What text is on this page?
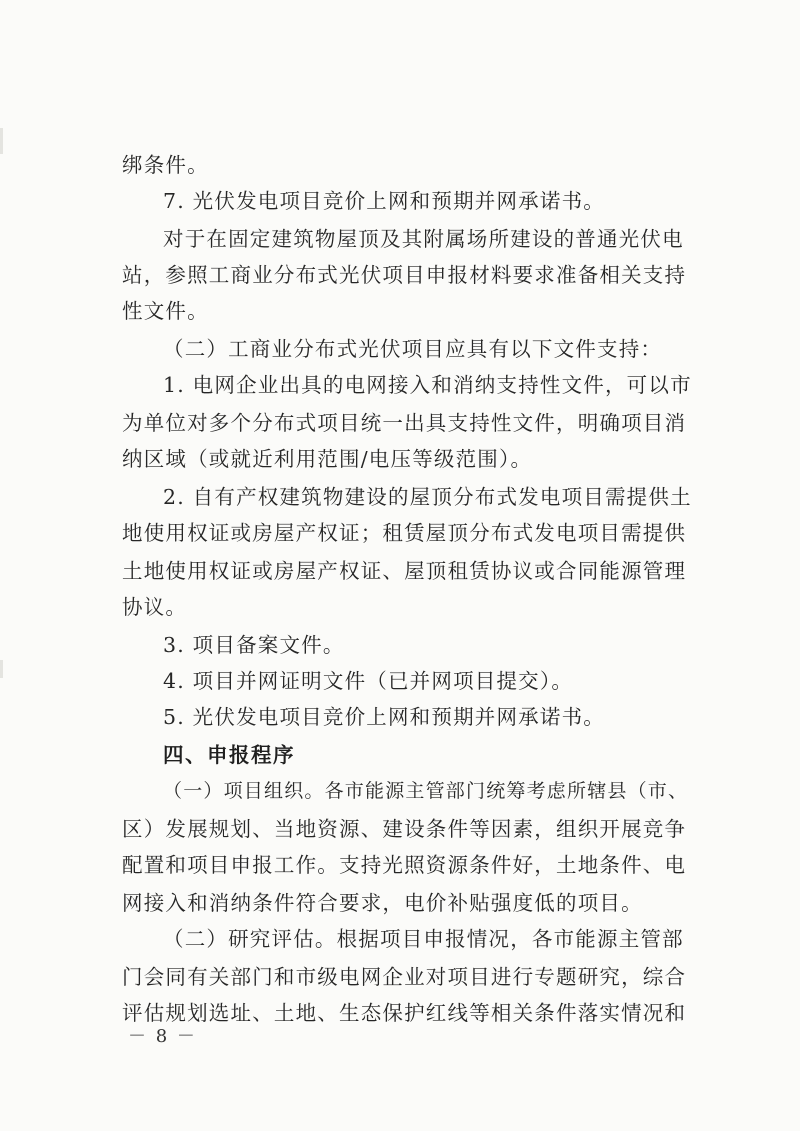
绑条件。
7. 光伏发电项目竞价上网和预期并网承诺书。
对于在固定建筑物屋顶及其附属场所建设的普通光伏电
站，参照工商业分布式光伏项目申报材料要求准备相关支持
性文件。
（二）工商业分布式光伏项目应具有以下文件支持：
1. 电网企业出具的电网接入和消纳支持性文件，可以市
为单位对多个分布式项目统一出具支持性文件，明确项目消
纳区域（或就近利用范围/电压等级范围）。
2. 自有产权建筑物建设的屋顶分布式发电项目需提供土
地使用权证或房屋产权证；租赁屋顶分布式发电项目需提供
土地使用权证或房屋产权证、屋顶租赁协议或合同能源管理
协议。
3. 项目备案文件。
4. 项目并网证明文件（已并网项目提交）。
5. 光伏发电项目竞价上网和预期并网承诺书。
四、申报程序
（一）项目组织。各市能源主管部门统筹考虑所辖县（市、
区）发展规划、当地资源、建设条件等因素，组织开展竞争
配置和项目申报工作。支持光照资源条件好，土地条件、电
网接入和消纳条件符合要求，电价补贴强度低的项目。
（二）研究评估。根据项目申报情况，各市能源主管部
门会同有关部门和市级电网企业对项目进行专题研究，综合
评估规划选址、土地、生态保护红线等相关条件落实情况和
－ 8 －
